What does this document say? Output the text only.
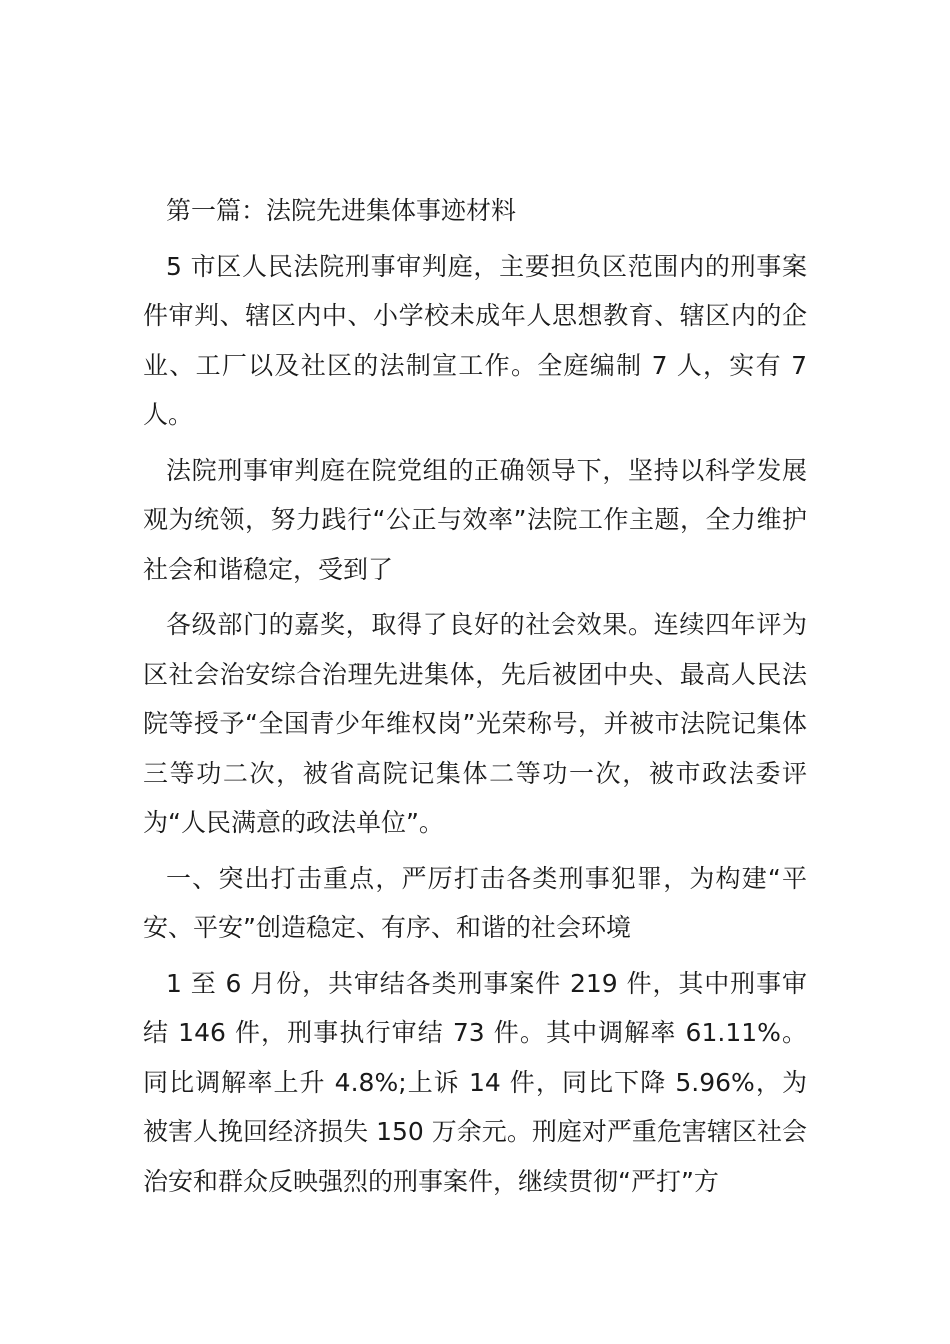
第一篇：法院先进集体事迹材料

5 市区人民法院刑事审判庭，主要担负区范围内的刑事案件审判、辖区内中、小学校未成年人思想教育、辖区内的企业、工厂以及社区的法制宣工作。全庭编制 7 人，实有 7 人。

法院刑事审判庭在院党组的正确领导下，坚持以科学发展观为统领，努力践行“公正与效率”法院工作主题，全力维护社会和谐稳定，受到了

各级部门的嘉奖，取得了良好的社会效果。连续四年评为区社会治安综合治理先进集体，先后被团中央、最高人民法院等授予“全国青少年维权岗”光荣称号，并被市法院记集体三等功二次，被省高院记集体二等功一次，被市政法委评为“人民满意的政法单位”。

一、突出打击重点，严厉打击各类刑事犯罪，为构建“平安、平安”创造稳定、有序、和谐的社会环境

1 至 6 月份，共审结各类刑事案件 219 件，其中刑事审结 146 件，刑事执行审结 73 件。其中调解率 61.11%。同比调解率上升 4.8%;上诉 14 件，同比下降 5.96%，为被害人挽回经济损失 150 万余元。刑庭对严重危害辖区社会治安和群众反映强烈的刑事案件，继续贯彻“严打”方
